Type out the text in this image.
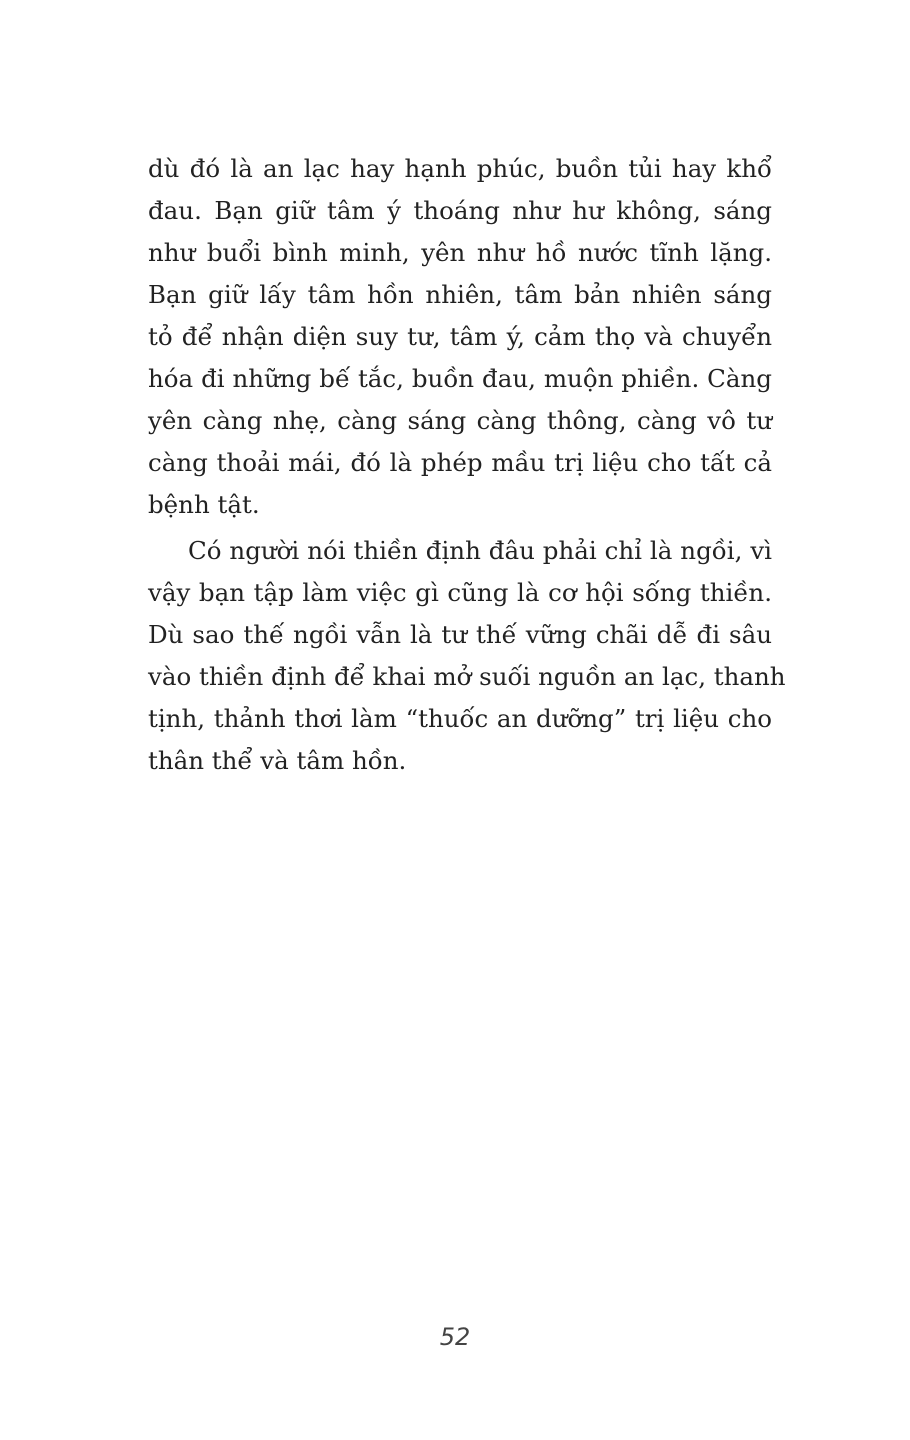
dù đó là an lạc hay hạnh phúc, buồn tủi hay khổ
đau. Bạn giữ tâm ý thoáng như hư không, sáng
như buổi bình minh, yên như hồ nước tĩnh lặng.
Bạn giữ lấy tâm hồn nhiên, tâm bản nhiên sáng
tỏ để nhận diện suy tư, tâm ý, cảm thọ và chuyển
hóa đi những bế tắc, buồn đau, muộn phiền. Càng
yên càng nhẹ, càng sáng càng thông, càng vô tư
càng thoải mái, đó là phép mầu trị liệu cho tất cả
bệnh tật.
Có người nói thiền định đâu phải chỉ là ngồi, vì
vậy bạn tập làm việc gì cũng là cơ hội sống thiền.
Dù sao thế ngồi vẫn là tư thế vững chãi dễ đi sâu
vào thiền định để khai mở suối nguồn an lạc, thanh
tịnh, thảnh thơi làm “thuốc an dưỡng” trị liệu cho
thân thể và tâm hồn.
52
